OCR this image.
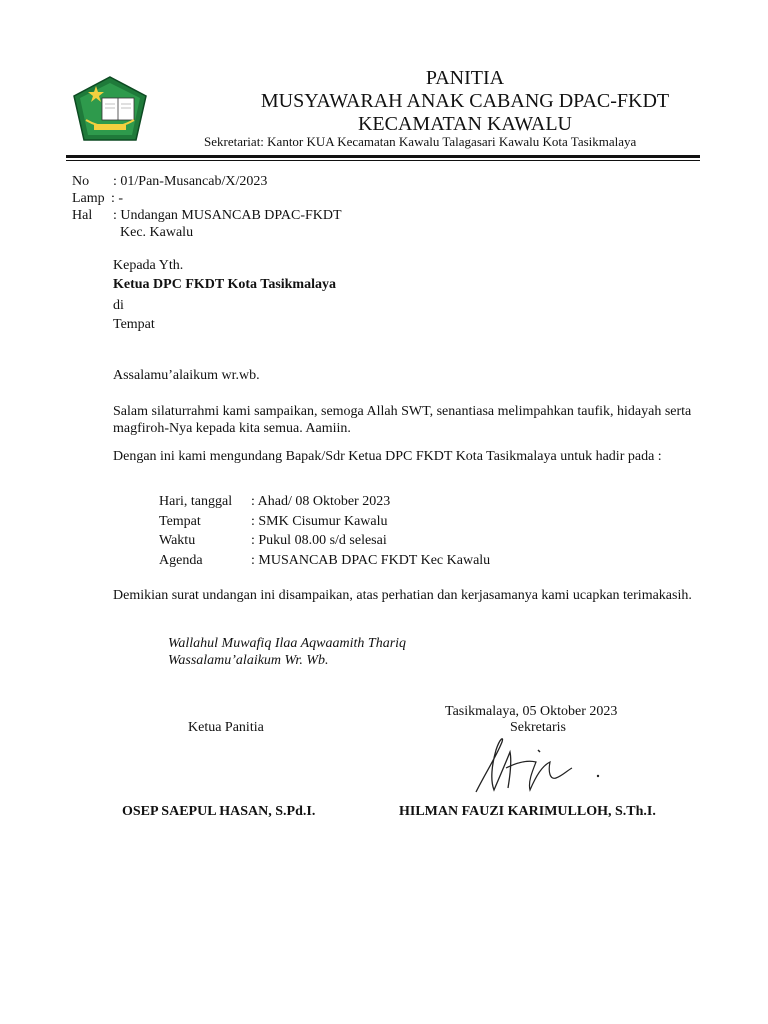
PANITIA
MUSYAWARAH ANAK CABANG DPAC-FKDT
KECAMATAN KAWALU
Sekretariat: Kantor KUA Kecamatan Kawalu Talagasari Kawalu Kota Tasikmalaya
No	: 01/Pan-Musancab/X/2023
Lamp : -
Hal	: Undangan MUSANCAB DPAC-FKDT
Kec. Kawalu
Kepada Yth.
Ketua DPC FKDT Kota Tasikmalaya
di
Tempat
Assalamu’alaikum wr.wb.
Salam silaturrahmi kami sampaikan, semoga Allah SWT, senantiasa melimpahkan taufik, hidayah serta magfiroh-Nya kepada kita semua. Aamiin.
Dengan ini kami mengundang Bapak/Sdr Ketua DPC FKDT Kota Tasikmalaya untuk hadir pada :
Hari, tanggal : Ahad/ 08 Oktober 2023
Tempat	: SMK Cisumur Kawalu
Waktu	: Pukul 08.00 s/d selesai
Agenda	: MUSANCAB DPAC FKDT Kec Kawalu
Demikian surat undangan ini disampaikan, atas perhatian dan kerjasamanya kami ucapkan terimakasih.
Wallahul Muwafiq Ilaa Aqwaamith Thariq
Wassalamu’alaikum Wr. Wb.
Tasikmalaya, 05 Oktober 2023
Ketua Panitia	Sekretaris
OSEP SAEPUL HASAN, S.Pd.I.	HILMAN FAUZI KARIMULLOH, S.Th.I.
